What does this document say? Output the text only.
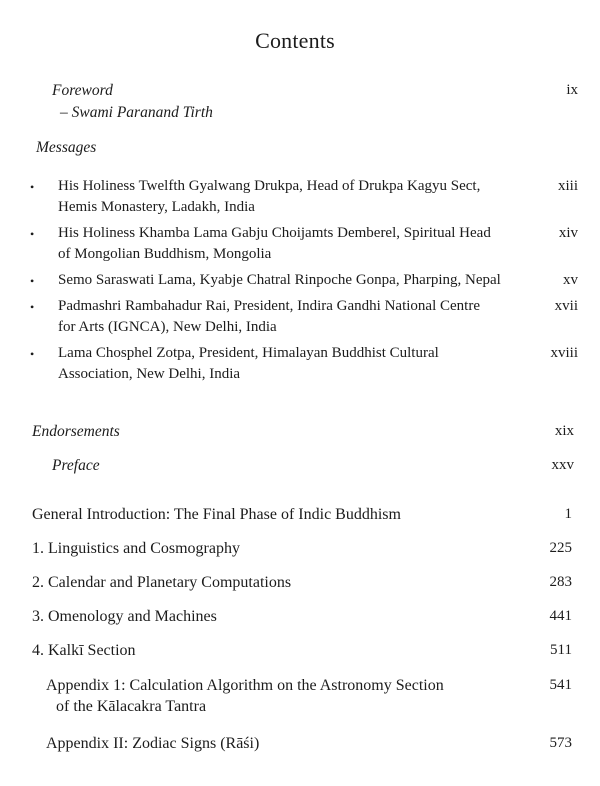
Contents
Foreword
– Swami Paranand Tirth
ix
Messages
• His Holiness Twelfth Gyalwang Drukpa, Head of Drukpa Kagyu Sect,
Hemis Monastery, Ladakh, India
xiii
• His Holiness Khamba Lama Gabju Choijamts Demberel, Spiritual Head
of Mongolian Buddhism, Mongolia
xiv
• Semo Saraswati Lama, Kyabje Chatral Rinpoche Gonpa, Pharping, Nepal	xv
• Padmashri Rambahadur Rai, President, Indira Gandhi National Centre
for Arts (IGNCA), New Delhi, India
xvii
• Lama Chosphel Zotpa, President, Himalayan Buddhist Cultural
Association, New Delhi, India
xviii
Endorsements	xix
Preface	xxv
General Introduction: The Final Phase of Indic Buddhism	1
1. Linguistics and Cosmography	225
2. Calendar and Planetary Computations	283
3. Omenology and Machines	441
4. Kalkī Section	511
Appendix 1: Calculation Algorithm on the Astronomy Section
of the Kālacakra Tantra
541
Appendix II: Zodiac Signs (Rāśi)	573
